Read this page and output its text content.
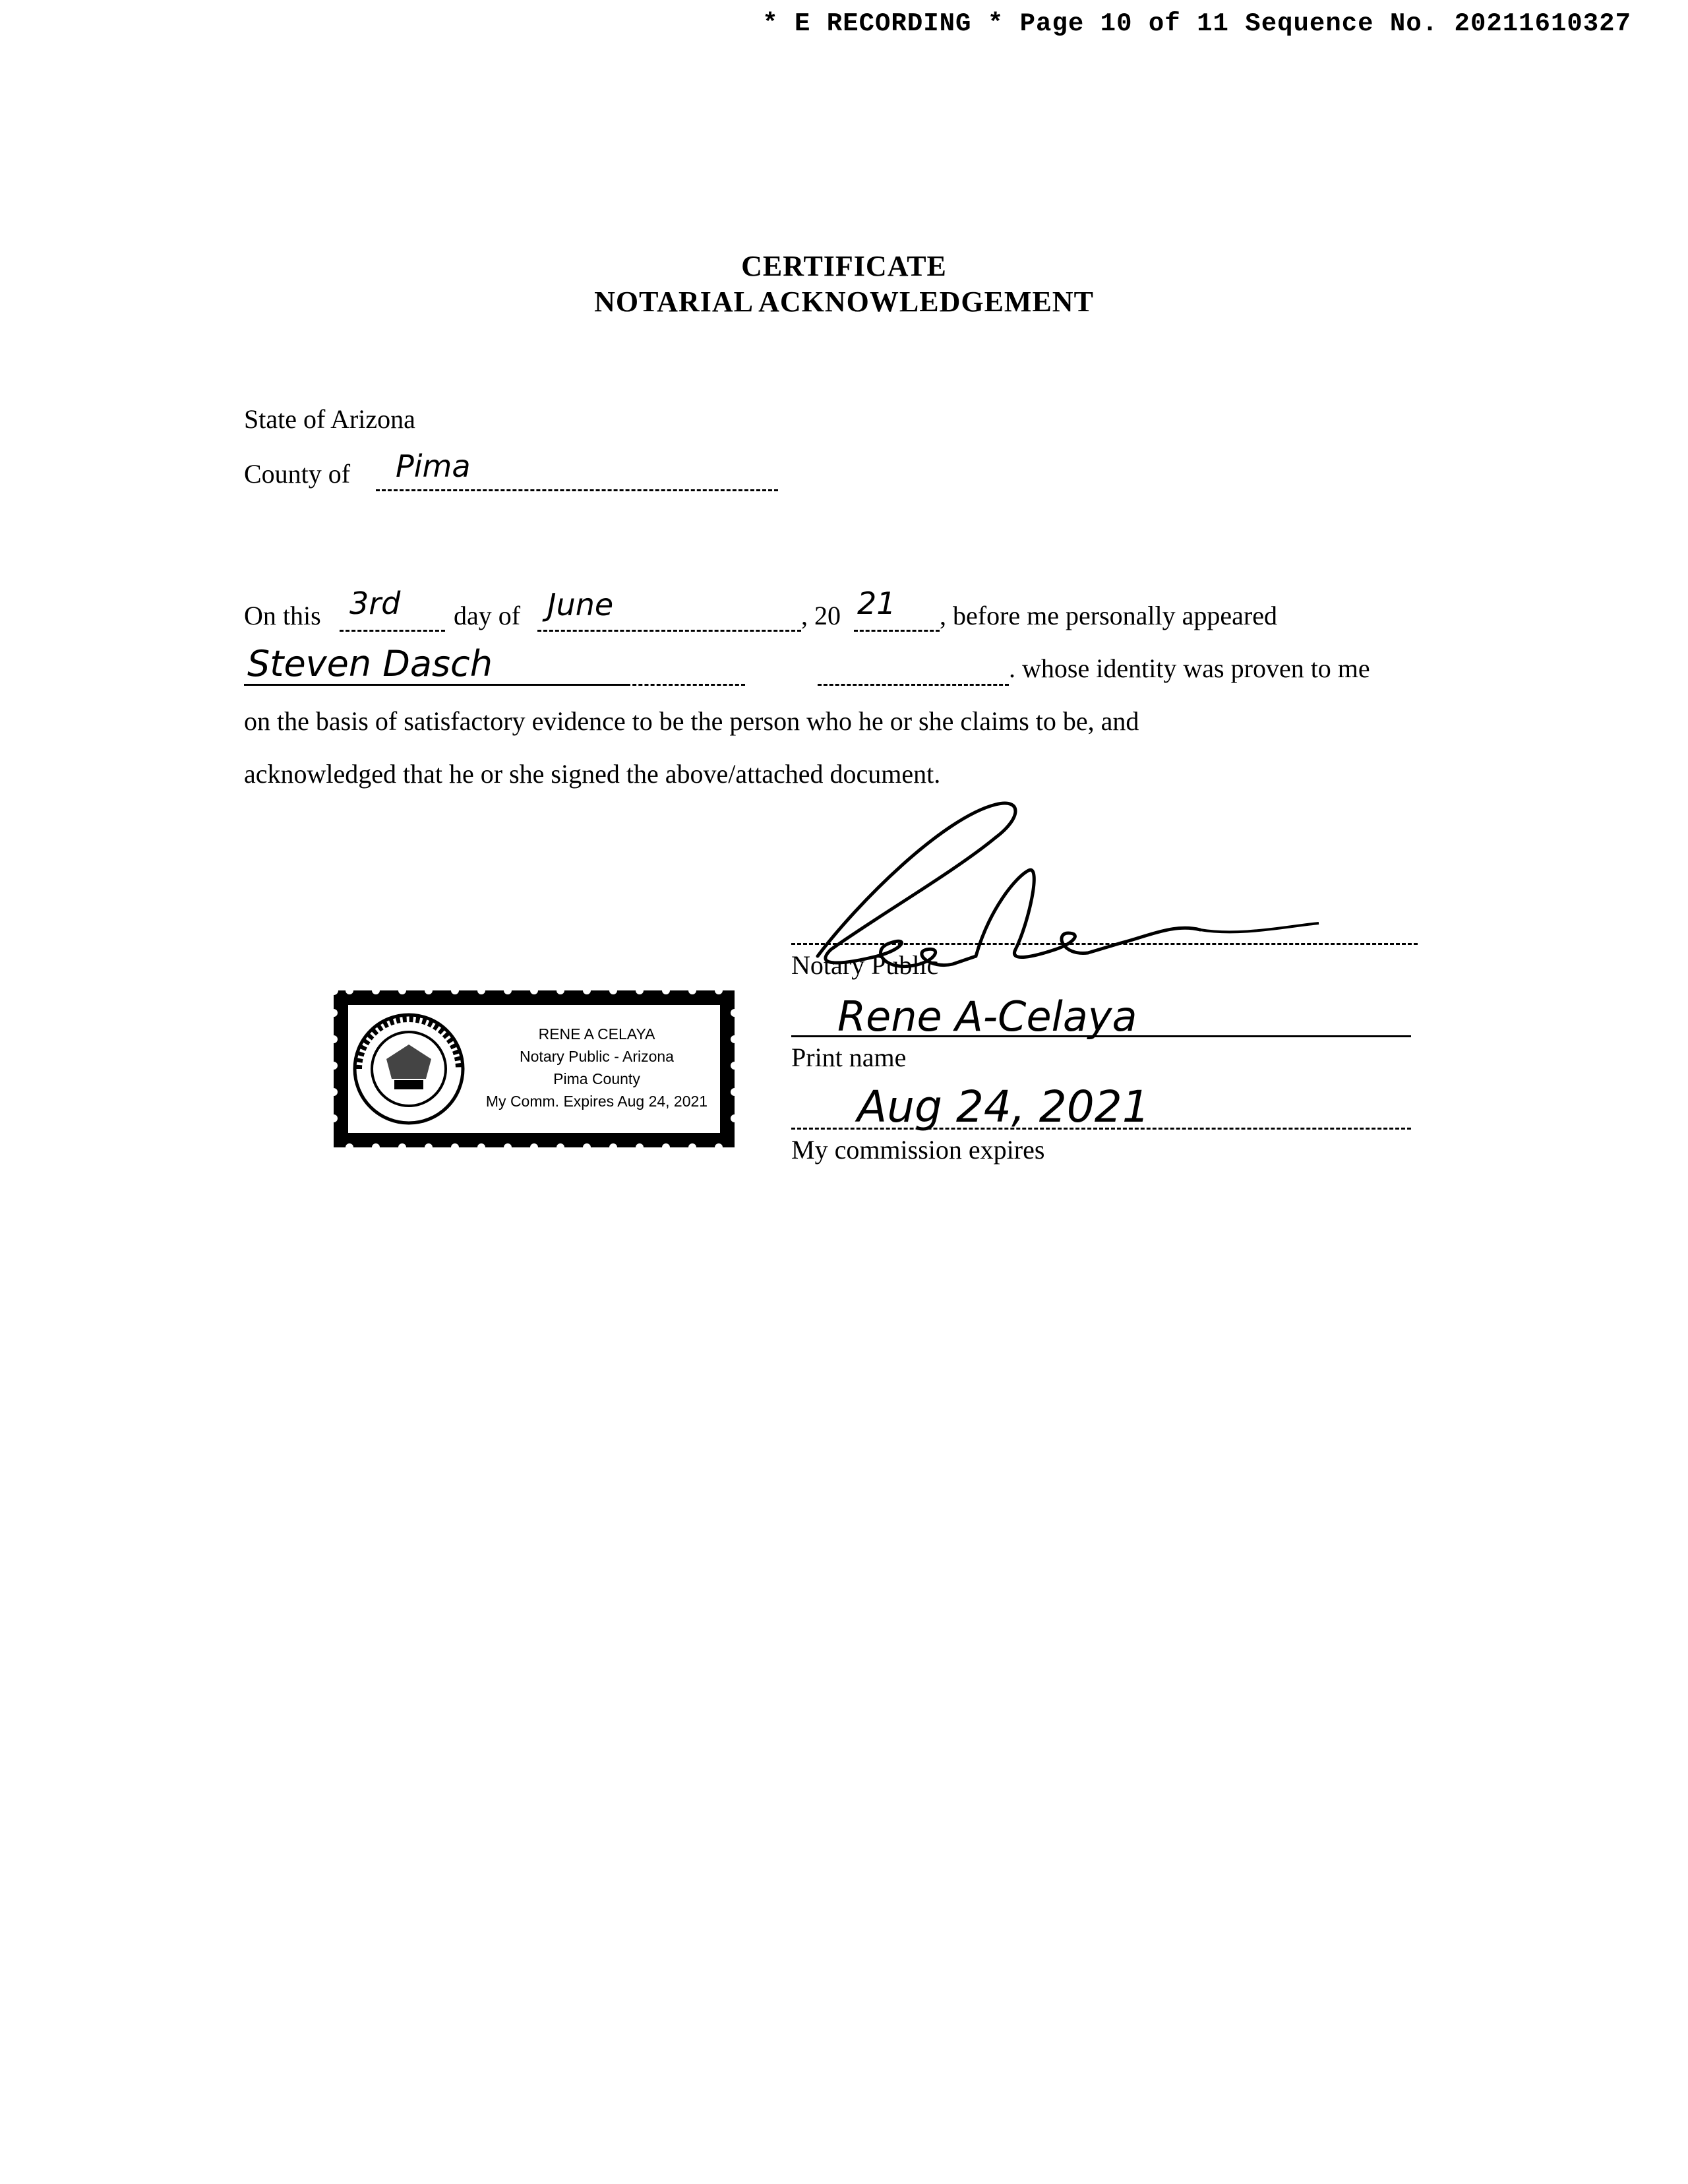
* E RECORDING * Page 10 of 11 Sequence No. 20211610327
CERTIFICATE
NOTARIAL ACKNOWLEDGEMENT
State of Arizona
County of Pima
On this 3rd day of June	, 20 21 , before me personally appeared
Steven Dasch	. whose identity was proven to me
on the basis of satisfactory evidence to be the person who he or she claims to be, and
acknowledged that he or she signed the above/attached document.
Notary Public
Rene A-Celaya
Print name
Aug 24, 2021
My commission expires
RENE A CELAYA
Notary Public - Arizona
Pima County
My Comm. Expires Aug 24, 2021
